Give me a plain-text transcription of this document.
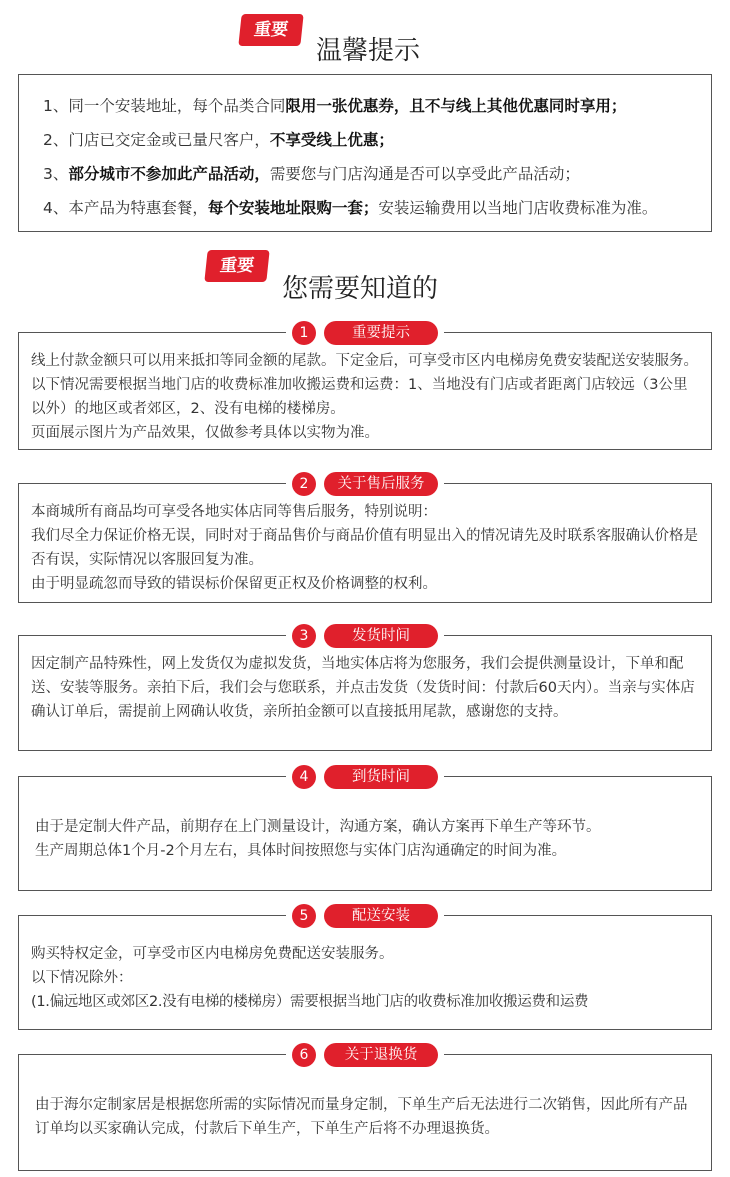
重要
温馨提示
1、同一个安装地址，每个品类合同限用一张优惠券，且不与线上其他优惠同时享用；
2、门店已交定金或已量尺客户，不享受线上优惠；
3、部分城市不参加此产品活动，需要您与门店沟通是否可以享受此产品活动；
4、本产品为特惠套餐，每个安装地址限购一套；安装运输费用以当地门店收费标准为准。
重要
您需要知道的
1	重要提示

线上付款金额只可以用来抵扣等同金额的尾款。下定金后，可享受市区内电梯房免费安装配送安装服务。以下情况需要根据当地门店的收费标准加收搬运费和运费：1、当地没有门店或者距离门店较远（3公里以外）的地区或者郊区，2、没有电梯的楼梯房。

页面展示图片为产品效果，仅做参考具体以实物为准。

2	关于售后服务

本商城所有商品均可享受各地实体店同等售后服务，特别说明：

我们尽全力保证价格无误，同时对于商品售价与商品价值有明显出入的情况请先及时联系客服确认价格是否有误，实际情况以客服回复为准。

由于明显疏忽而导致的错误标价保留更正权及价格调整的权利。

3	发货时间

因定制产品特殊性，网上发货仅为虚拟发货，当地实体店将为您服务，我们会提供测量设计，下单和配送、安装等服务。亲拍下后，我们会与您联系，并点击发货（发货时间：付款后60天内）。当亲与实体店确认订单后，需提前上网确认收货，亲所拍金额可以直接抵用尾款，感谢您的支持。

4	到货时间

由于是定制大件产品，前期存在上门测量设计，沟通方案，确认方案再下单生产等环节。

生产周期总体1个月-2个月左右，具体时间按照您与实体门店沟通确定的时间为准。

5	配送安装

购买特权定金，可享受市区内电梯房免费配送安装服务。

以下情况除外：

(1.偏远地区或郊区2.没有电梯的楼梯房）需要根据当地门店的收费标准加收搬运费和运费

6	关于退换货

由于海尔定制家居是根据您所需的实际情况而量身定制，下单生产后无法进行二次销售，因此所有产品订单均以买家确认完成，付款后下单生产，下单生产后将不办理退换货。
